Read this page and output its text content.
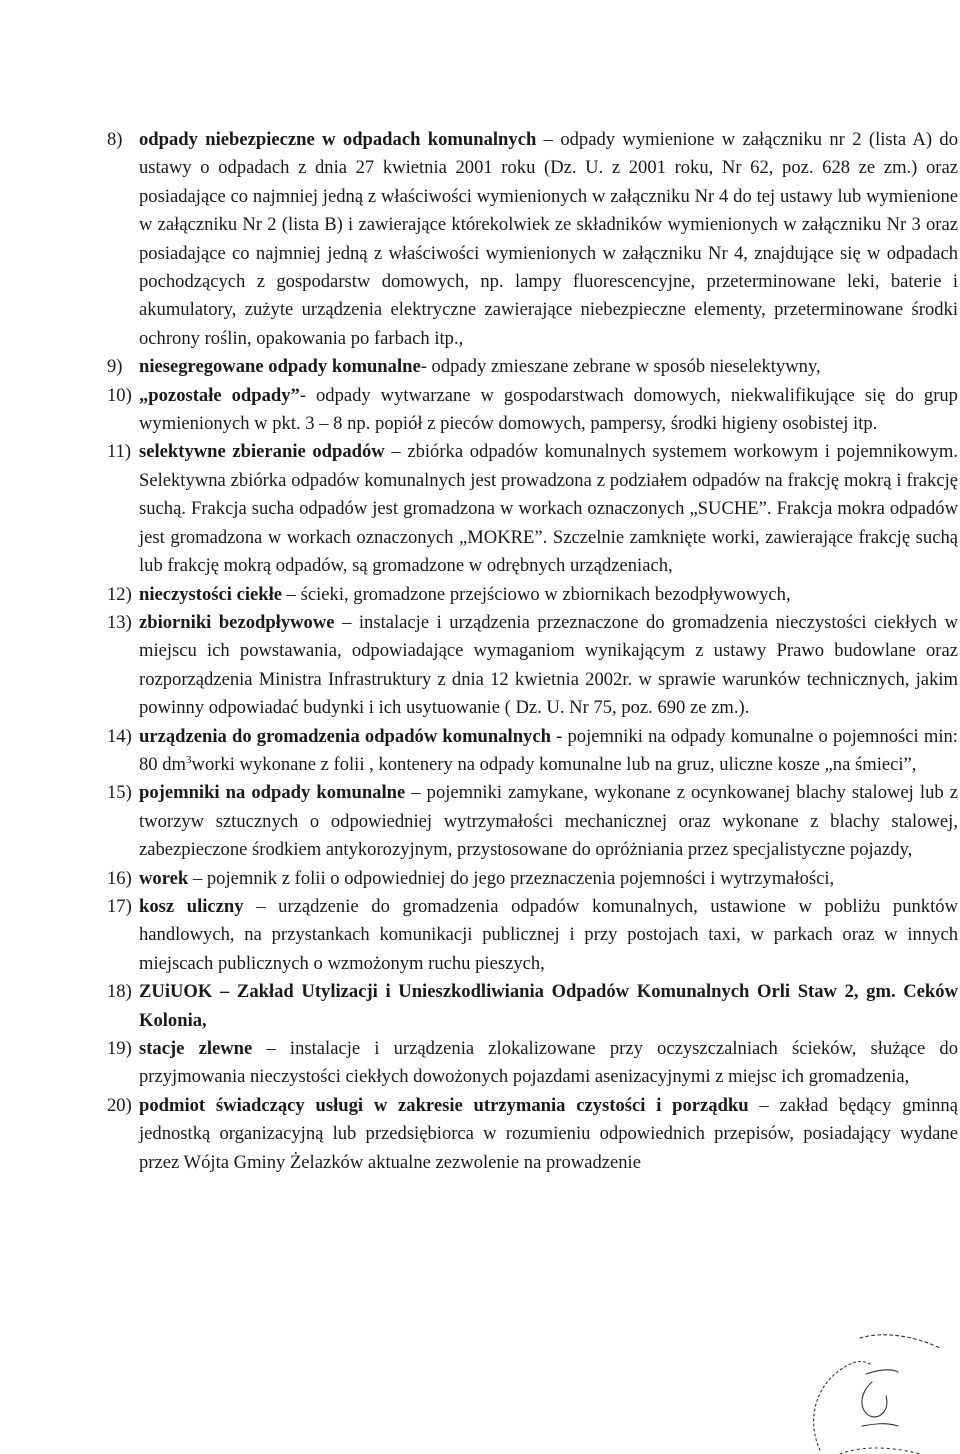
8) odpady niebezpieczne w odpadach komunalnych – odpady wymienione w załączniku nr 2 (lista A) do ustawy o odpadach z dnia 27 kwietnia 2001 roku (Dz. U. z 2001 roku, Nr 62, poz. 628 ze zm.) oraz posiadające co najmniej jedną z właściwości wymienionych w załączniku Nr 4 do tej ustawy lub wymienione w załączniku Nr 2 (lista B) i zawierające którekolwiek ze składników wymienionych w załączniku Nr 3 oraz posiadające co najmniej jedną z właściwości wymienionych w załączniku Nr 4, znajdujące się w odpadach pochodzących z gospodarstw domowych, np. lampy fluorescencyjne, przeterminowane leki, baterie i akumulatory, zużyte urządzenia elektryczne zawierające niebezpieczne elementy, przeterminowane środki ochrony roślin, opakowania po farbach itp.,

9) niesegregowane odpady komunalne- odpady zmieszane zebrane w sposób nieselektywny,

10) „pozostałe odpady”- odpady wytwarzane w gospodarstwach domowych, niekwalifikujące się do grup wymienionych w pkt. 3 – 8 np. popiół z pieców domowych, pampersy, środki higieny osobistej itp.

11) selektywne zbieranie odpadów – zbiórka odpadów komunalnych systemem workowym i pojemnikowym. Selektywna zbiórka odpadów komunalnych jest prowadzona z podziałem odpadów na frakcję mokrą i frakcję suchą. Frakcja sucha odpadów jest gromadzona w workach oznaczonych „SUCHE”. Frakcja mokra odpadów jest gromadzona w workach oznaczonych „MOKRE”. Szczelnie zamknięte worki, zawierające frakcję suchą lub frakcję mokrą odpadów, są gromadzone w odrębnych urządzeniach,

12) nieczystości ciekłe – ścieki, gromadzone przejściowo w zbiornikach bezodpływowych,

13) zbiorniki bezodpływowe – instalacje i urządzenia przeznaczone do gromadzenia nieczystości ciekłych w miejscu ich powstawania, odpowiadające wymaganiom wynikającym z ustawy Prawo budowlane oraz rozporządzenia Ministra Infrastruktury z dnia 12 kwietnia 2002r. w sprawie warunków technicznych, jakim powinny odpowiadać budynki i ich usytuowanie ( Dz. U. Nr 75, poz. 690 ze zm.).

14) urządzenia do gromadzenia odpadów komunalnych - pojemniki na odpady komunalne o pojemności min: 80 $dm^3worki$ wykonane z folii , kontenery na odpady komunalne lub na gruz, uliczne kosze „na śmieci”,

15) pojemniki na odpady komunalne – pojemniki zamykane, wykonane z ocynkowanej blachy stalowej lub z tworzyw sztucznych o odpowiedniej wytrzymałości mechanicznej oraz wykonane z blachy stalowej, zabezpieczone środkiem antykorozyjnym, przystosowane do opróżniania przez specjalistyczne pojazdy,

16) worek – pojemnik z folii o odpowiedniej do jego przeznaczenia pojemności i wytrzymałości,

17) kosz uliczny – urządzenie do gromadzenia odpadów komunalnych, ustawione w pobliżu punktów handlowych, na przystankach komunikacji publicznej i przy postojach taxi, w parkach oraz w innych miejscach publicznych o wzmożonym ruchu pieszych,

18) ZUiUOK – Zakład Utylizacji i Unieszkodliwiania Odpadów Komunalnych Orli Staw 2, gm. Ceków Kolonia,

19) stacje zlewne – instalacje i urządzenia zlokalizowane przy oczyszczalniach ścieków, służące do przyjmowania nieczystości ciekłych dowożonych pojazdami asenizacyjnymi z miejsc ich gromadzenia,

20) podmiot świadczący usługi w zakresie utrzymania czystości i porządku – zakład będący gminną jednostką organizacyjną lub przedsiębiorca w rozumieniu odpowiednich przepisów, posiadający wydane przez Wójta Gminy Żelazków aktualne zezwolenie na prowadzenie
